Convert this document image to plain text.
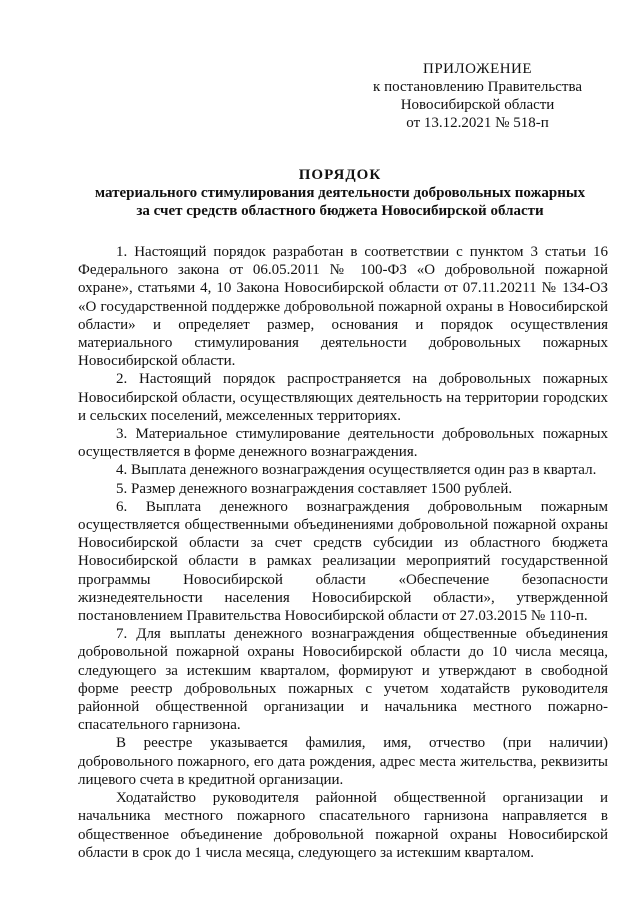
ПРИЛОЖЕНИЕ
к постановлению Правительства
Новосибирской области
от 13.12.2021 № 518-п
ПОРЯДОК
материального стимулирования деятельности добровольных пожарных
за счет средств областного бюджета Новосибирской области

1. Настоящий порядок разработан в соответствии с пунктом 3 статьи 16 Федерального закона от 06.05.2011 № 100-ФЗ «О добровольной пожарной охране», статьями 4, 10 Закона Новосибирской области от 07.11.20211 № 134-ОЗ «О государственной поддержке добровольной пожарной охраны в Новосибирской области» и определяет размер, основания и порядок осуществления материального стимулирования деятельности добровольных пожарных Новосибирской области.

2. Настоящий порядок распространяется на добровольных пожарных Новосибирской области, осуществляющих деятельность на территории городских и сельских поселений, межселенных территориях.

3. Материальное стимулирование деятельности добровольных пожарных осуществляется в форме денежного вознаграждения.

4. Выплата денежного вознаграждения осуществляется один раз в квартал.

5. Размер денежного вознаграждения составляет 1500 рублей.

6. Выплата денежного вознаграждения добровольным пожарным осуществляется общественными объединениями добровольной пожарной охраны Новосибирской области за счет средств субсидии из областного бюджета Новосибирской области в рамках реализации мероприятий государственной программы Новосибирской области «Обеспечение безопасности жизнедеятельности населения Новосибирской области», утвержденной постановлением Правительства Новосибирской области от 27.03.2015 № 110-п.

7. Для выплаты денежного вознаграждения общественные объединения добровольной пожарной охраны Новосибирской области до 10 числа месяца, следующего за истекшим кварталом, формируют и утверждают в свободной форме реестр добровольных пожарных с учетом ходатайств руководителя районной общественной организации и начальника местного пожарно-спасательного гарнизона.

В реестре указывается фамилия, имя, отчество (при наличии) добровольного пожарного, его дата рождения, адрес места жительства, реквизиты лицевого счета в кредитной организации.

Ходатайство руководителя районной общественной организации и начальника местного пожарного спасательного гарнизона направляется в общественное объединение добровольной пожарной охраны Новосибирской области в срок до 1 числа месяца, следующего за истекшим кварталом.
